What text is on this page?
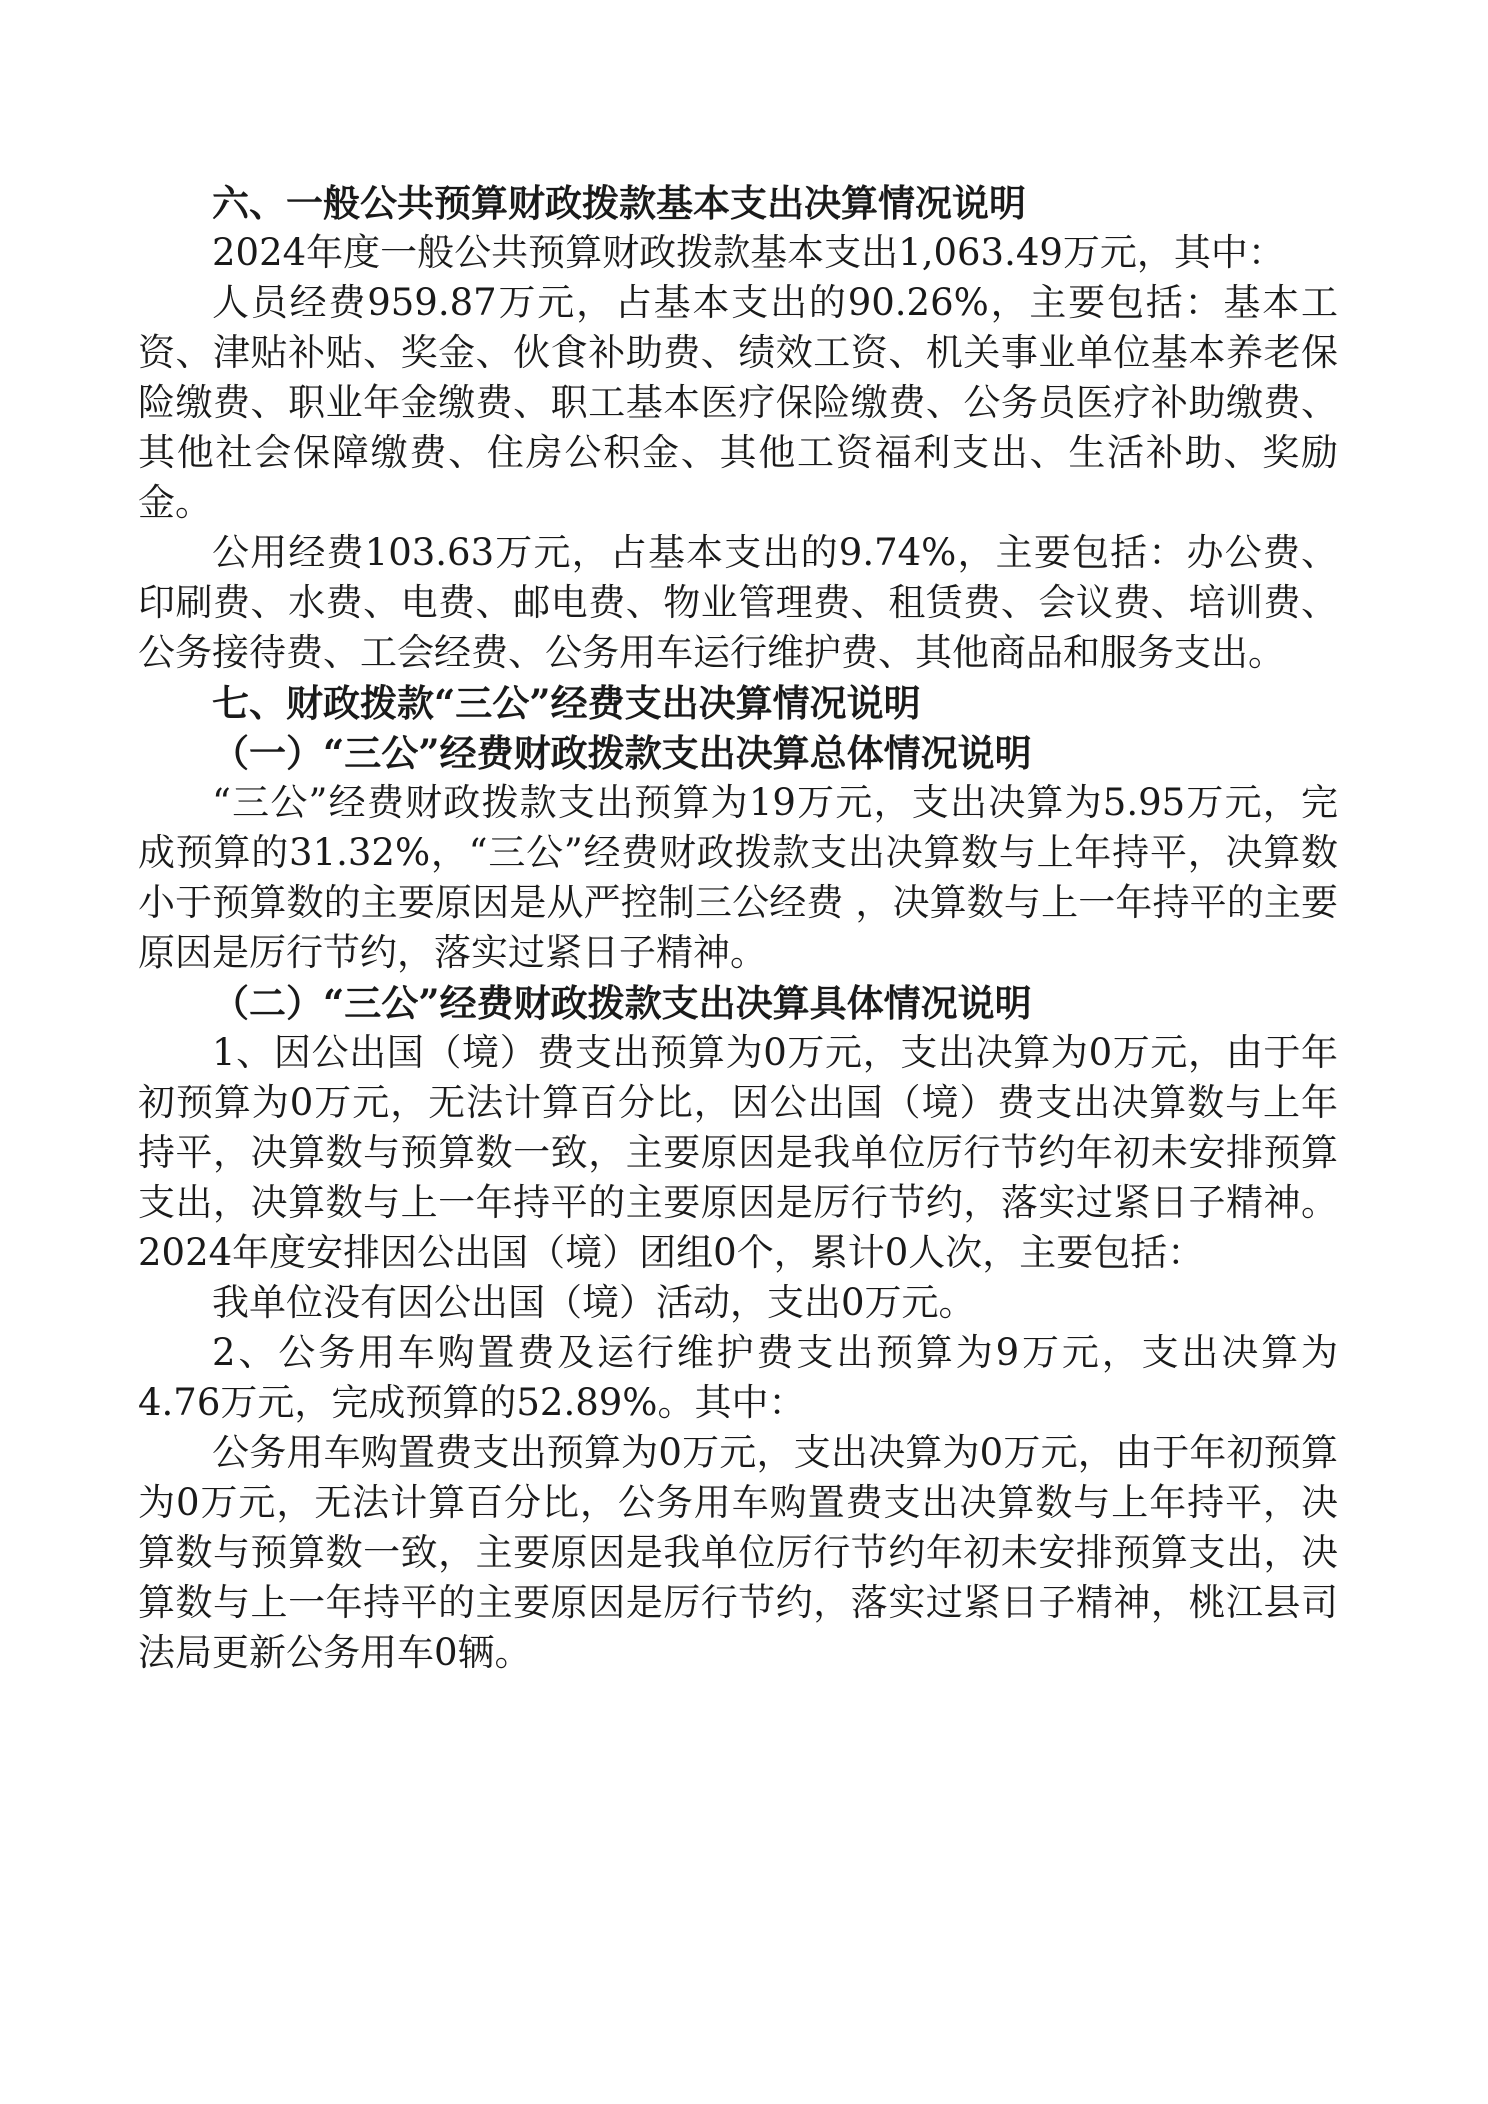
六、一般公共预算财政拨款基本支出决算情况说明

2024年度一般公共预算财政拨款基本支出1,063.49万元，其中：

人员经费959.87万元，占基本支出的90.26%，主要包括：基本工资、津贴补贴、奖金、伙食补助费、绩效工资、机关事业单位基本养老保险缴费、职业年金缴费、职工基本医疗保险缴费、公务员医疗补助缴费、其他社会保障缴费、住房公积金、其他工资福利支出、生活补助、奖励金。

公用经费103.63万元，占基本支出的9.74%，主要包括：办公费、印刷费、水费、电费、邮电费、物业管理费、租赁费、会议费、培训费、公务接待费、工会经费、公务用车运行维护费、其他商品和服务支出。

七、财政拨款“三公”经费支出决算情况说明

（一）“三公”经费财政拨款支出决算总体情况说明

“三公”经费财政拨款支出预算为19万元，支出决算为5.95万元，完成预算的31.32%，“三公”经费财政拨款支出决算数与上年持平，决算数小于预算数的主要原因是从严控制三公经费 ，决算数与上一年持平的主要原因是厉行节约，落实过紧日子精神。

（二）“三公”经费财政拨款支出决算具体情况说明

1、因公出国（境）费支出预算为0万元，支出决算为0万元，由于年初预算为0万元，无法计算百分比，因公出国（境）费支出决算数与上年持平，决算数与预算数一致，主要原因是我单位厉行节约年初未安排预算支出，决算数与上一年持平的主要原因是厉行节约，落实过紧日子精神。2024年度安排因公出国（境）团组0个，累计0人次，主要包括：

我单位没有因公出国（境）活动，支出0万元。

2、公务用车购置费及运行维护费支出预算为9万元，支出决算为4.76万元，完成预算的52.89%。其中：

公务用车购置费支出预算为0万元，支出决算为0万元，由于年初预算为0万元，无法计算百分比，公务用车购置费支出决算数与上年持平，决算数与预算数一致，主要原因是我单位厉行节约年初未安排预算支出，决算数与上一年持平的主要原因是厉行节约，落实过紧日子精神，桃江县司法局更新公务用车0辆。
